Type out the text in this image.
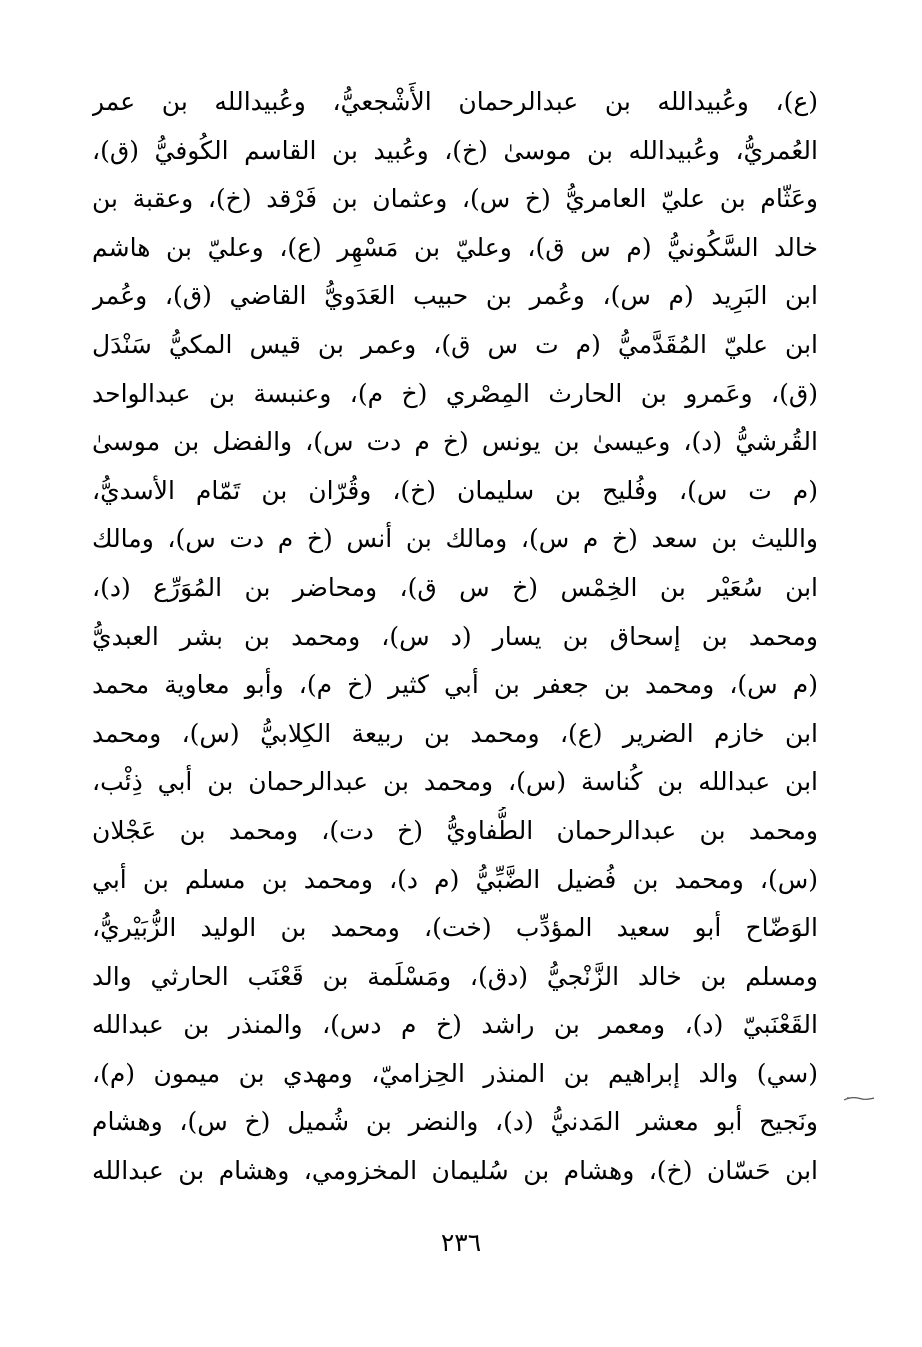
(ع)، وعُبيدالله بن عبدالرحمان الأَشْجعيُّ، وعُبيدالله بن عمر
العُمريُّ، وعُبيدالله بن موسىٰ (خ)، وعُبيد بن القاسم الكُوفيُّ (ق)،
وعَثّام بن عليّ العامريُّ (خ س)، وعثمان بن فَرْقد (خ)، وعقبة بن
خالد السَّكُونيُّ (م س ق)، وعليّ بن مَسْهِر (ع)، وعليّ بن هاشم
ابن البَرِيد (م س)، وعُمر بن حبيب العَدَويُّ القاضي (ق)، وعُمر
ابن عليّ المُقَدَّميُّ (م ت س ق)، وعمر بن قيس المكيُّ سَنْدَل
(ق)، وعَمرو بن الحارث المِصْري (خ م)، وعنبسة بن عبدالواحد
القُرشيُّ (د)، وعيسىٰ بن يونس (خ م دت س)، والفضل بن موسىٰ
(م ت س)، وفُليح بن سليمان (خ)، وقُرّان بن تَمّام الأسديُّ،
والليث بن سعد (خ م س)، ومالك بن أنس (خ م دت س)، ومالك
ابن سُعَيْر بن الخِمْس (خ س ق)، ومحاضر بن المُوَرِّع (د)،
ومحمد بن إسحاق بن يسار (د س)، ومحمد بن بشر العبديُّ
(م س)، ومحمد بن جعفر بن أبي كثير (خ م)، وأبو معاوية محمد
ابن خازم الضرير (ع)، ومحمد بن ربيعة الكِلابيُّ (س)، ومحمد
ابن عبدالله بن كُناسة (س)، ومحمد بن عبدالرحمان بن أبي ذِئْب،
ومحمد بن عبدالرحمان الطُّفاويُّ (خ دت)، ومحمد بن عَجْلان
(س)، ومحمد بن فُضيل الضَّبِّيُّ (م د)، ومحمد بن مسلم بن أبي
الوَضّاح أبو سعيد المؤدِّب (خت)، ومحمد بن الوليد الزُّبَيْريُّ،
ومسلم بن خالد الزَّنْجيُّ (دق)، ومَسْلَمة بن قَعْنَب الحارثي والد
القَعْنَبيّ (د)، ومعمر بن راشد (خ م دس)، والمنذر بن عبدالله
(سي) والد إبراهيم بن المنذر الحِزاميّ، ومهدي بن ميمون (م)،
ونَجيح أبو معشر المَدنيُّ (د)، والنضر بن شُميل (خ س)، وهشام
ابن حَسّان (خ)، وهشام بن سُليمان المخزومي، وهشام بن عبدالله
٢٣٦
